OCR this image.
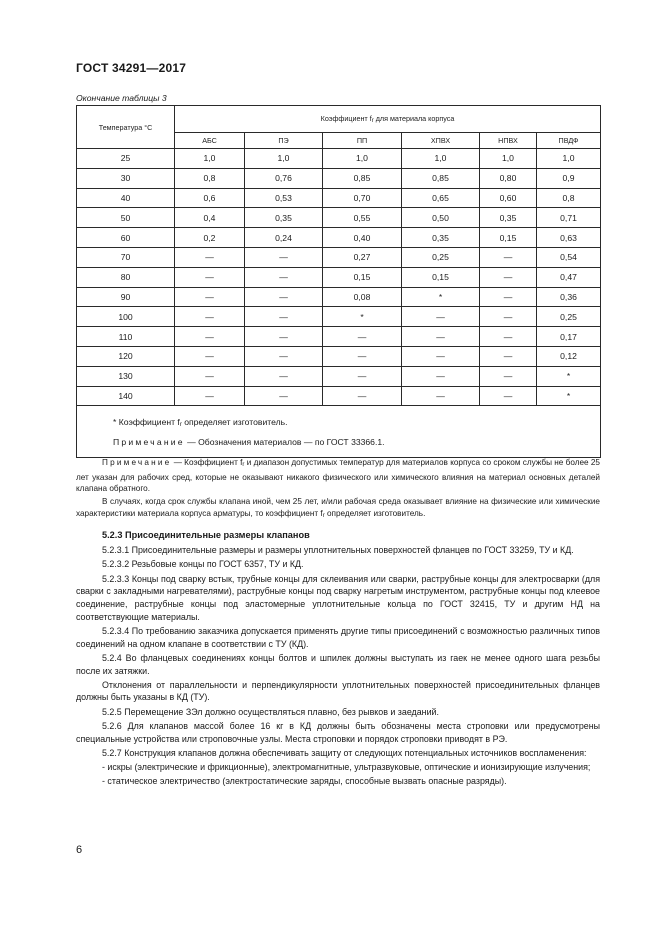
ГОСТ 34291—2017
Окончание таблицы 3
Температура °С	Коэффициент $f_r$ для материала корпуса					
	АБС	ПЭ	ПП	ХПВХ	НПВХ	ПВДФ
25	1,0	1,0	1,0	1,0	1,0	1,0
30	0,8	0,76	0,85	0,85	0,80	0,9
40	0,6	0,53	0,70	0,65	0,60	0,8
50	0,4	0,35	0,55	0,50	0,35	0,71
60	0,2	0,24	0,40	0,35	0,15	0,63
70	—	—	0,27	0,25	—	0,54
80	—	—	0,15	0,15	—	0,47
90	—	—	0,08	*	—	0,36
100	—	—	*	—	—	0,25
110	—	—	—	—	—	0,17
120	—	—	—	—	—	0,12
130	—	—	—	—	—	*
140	—	—	—	—	—	*

* Коэффициент $f_r$ определяет изготовитель.
Примечание — Обозначения материалов — по ГОСТ 33366.1.						
Примечание — Коэффициент $f_r$ и диапазон допустимых температур для материалов корпуса со сроком службы не более 25 лет указан для рабочих сред, которые не оказывают никакого физического или химического влияния на материал основных деталей клапана обратного.
В случаях, когда срок службы клапана иной, чем 25 лет, и/или рабочая среда оказывает влияние на физические или химические характеристики материала корпуса арматуры, то коэффициент $f_r$ определяет изготовитель.
5.2.3 Присоединительные размеры клапанов
5.2.3.1 Присоединительные размеры и размеры уплотнительных поверхностей фланцев по ГОСТ 33259, ТУ и КД.
5.2.3.2 Резьбовые концы по ГОСТ 6357, ТУ и КД.
5.2.3.3 Концы под сварку встык, трубные концы для склеивания или сварки, раструбные концы для электросварки (для сварки с закладными нагревателями), раструбные концы под сварку нагретым инструментом, раструбные концы под клеевое соединение, раструбные концы под эластомерные уплотнительные кольца по ГОСТ 32415, ТУ и другим НД на соответствующие материалы.
5.2.3.4 По требованию заказчика допускается применять другие типы присоединений с возможностью различных типов соединений на одном клапане в соответствии с ТУ (КД).
5.2.4 Во фланцевых соединениях концы болтов и шпилек должны выступать из гаек не менее одного шага резьбы после их затяжки.
Отклонения от параллельности и перпендикулярности уплотнительных поверхностей присоединительных фланцев должны быть указаны в КД (ТУ).
5.2.5 Перемещение ЗЭл должно осуществляться плавно, без рывков и заеданий.
5.2.6 Для клапанов массой более 16 кг в КД должны быть обозначены места строповки или предусмотрены специальные устройства или строповочные узлы. Места строповки и порядок строповки приводят в РЭ.
5.2.7 Конструкция клапанов должна обеспечивать защиту от следующих потенциальных источников воспламенения:
- искры (электрические и фрикционные), электромагнитные, ультразвуковые, оптические и ионизирующие излучения;
- статическое электричество (электростатические заряды, способные вызвать опасные разряды).
6
